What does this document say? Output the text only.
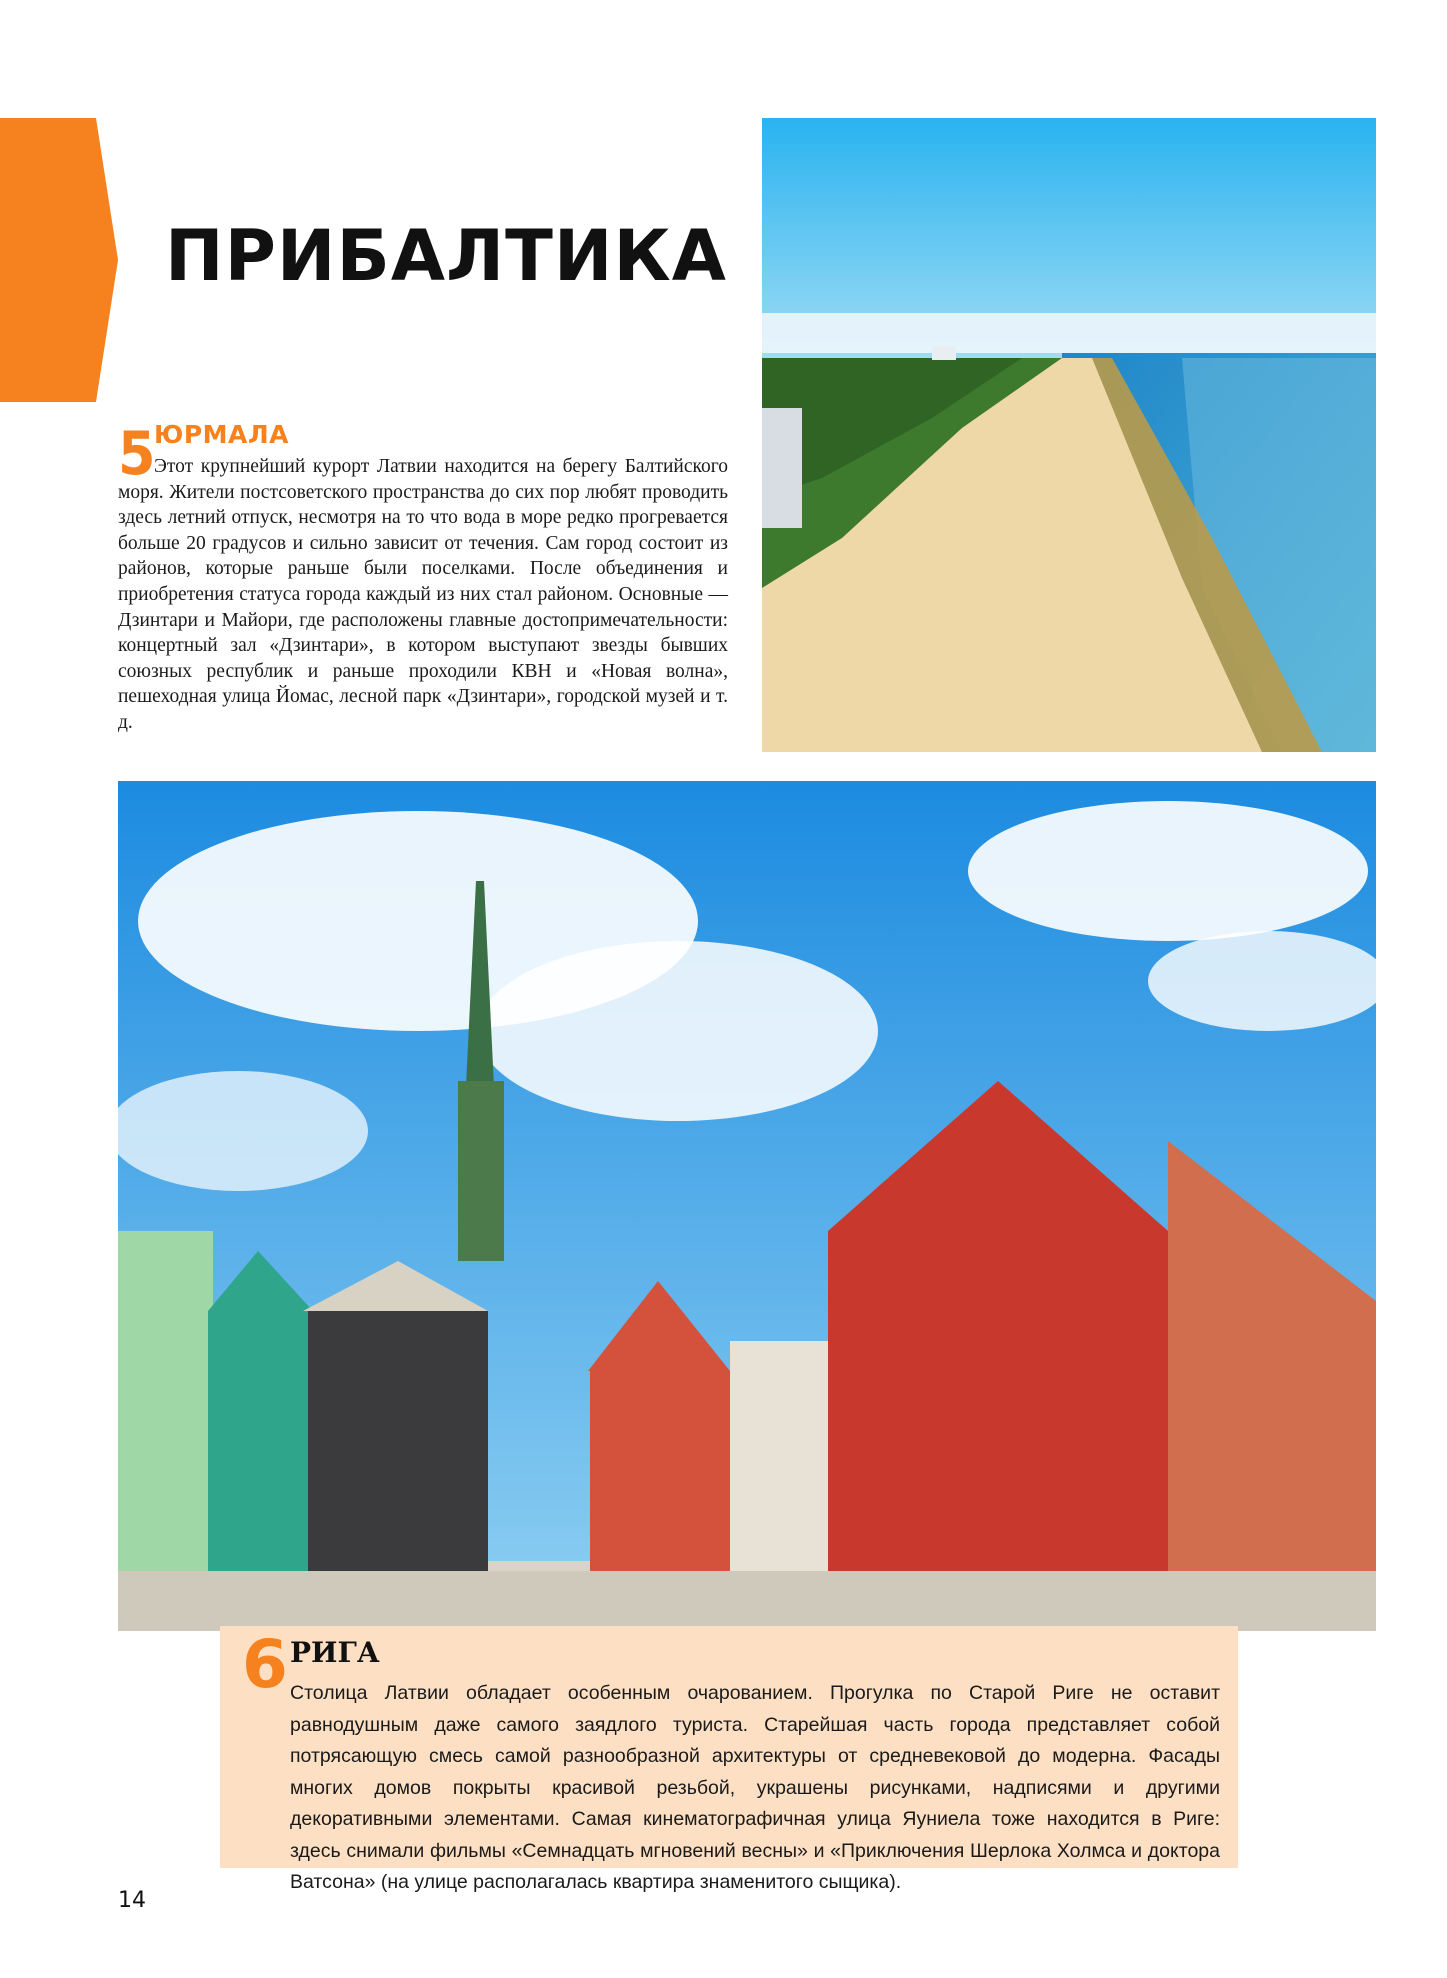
ПРИБАЛТИКА
5
ЮРМАЛА

Этот крупнейший курорт Латвии находится на берегу Балтийского моря. Жители постсоветского пространства до сих пор любят проводить здесь летний отпуск, несмотря на то что вода в море редко прогревается больше 20 градусов и сильно зависит от течения. Сам город состоит из районов, которые раньше были поселками. После объединения и приобретения статуса города каждый из них стал районом. Основные — Дзинтари и Майори, где расположены главные достопримечательности: концертный зал «Дзинтари», в котором выступают звезды бывших союзных республик и раньше проходили КВН и «Новая волна», пешеходная улица Йомас, лесной парк «Дзинтари», городской музей и т. д.

6 РИГА

Столица Латвии обладает особенным очарованием. Прогулка по Старой Риге не оставит равнодушным даже самого заядлого туриста. Старейшая часть города представляет собой потрясающую смесь самой разнообразной архитектуры от средневековой до модерна. Фасады многих домов покрыты красивой резьбой, украшены рисунками, надписями и другими декоративными элементами. Самая кинематографичная улица Яуниела тоже находится в Риге: здесь снимали фильмы «Семнадцать мгновений весны» и «Приключения Шерлока Холмса и доктора Ватсона» (на улице располагалась квартира знаменитого сыщика).

14
